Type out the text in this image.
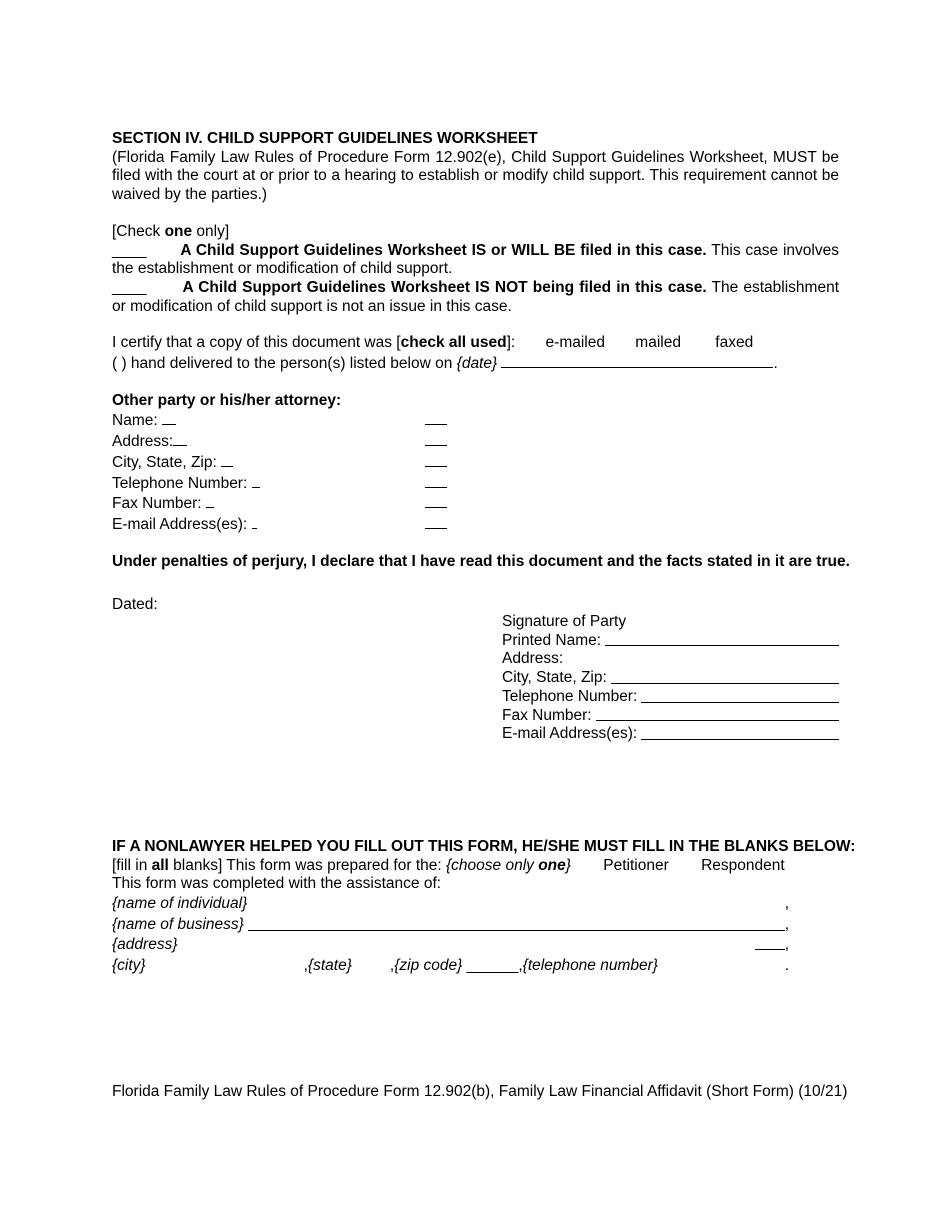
SECTION IV. CHILD SUPPORT GUIDELINES WORKSHEET
(Florida Family Law Rules of Procedure Form 12.902(e), Child Support Guidelines Worksheet, MUST be filed with the court at or prior to a hearing to establish or modify child support. This requirement cannot be waived by the parties.)
[Check one only]
____ A Child Support Guidelines Worksheet IS or WILL BE filed in this case. This case involves the establishment or modification of child support.
____ A Child Support Guidelines Worksheet IS NOT being filed in this case. The establishment or modification of child support is not an issue in this case.
I certify that a copy of this document was [check all used]: e-mailed mailed faxed
( ) hand delivered to the person(s) listed below on {date}	.
Other party or his/her attorney:
Name:
Address:
City, State, Zip:
Telephone Number:
Fax Number:
E-mail Address(es):
Under penalties of perjury, I declare that I have read this document and the facts stated in it are true.
Dated:
Signature of Party
Printed Name:
Address:
City, State, Zip:
Telephone Number:
Fax Number:
E-mail Address(es):
IF A NONLAWYER HELPED YOU FILL OUT THIS FORM, HE/SHE MUST FILL IN THE BLANKS BELOW:
[fill in all blanks] This form was prepared for the: {choose only one} Petitioner Respondent
This form was completed with the assistance of:
{name of individual}	,
{name of business}	,
{address}	,
{city}	, {state} , {zip code}
______ , {telephone number}	.
Florida Family Law Rules of Procedure Form 12.902(b), Family Law Financial Affidavit (Short Form) (10/21)
